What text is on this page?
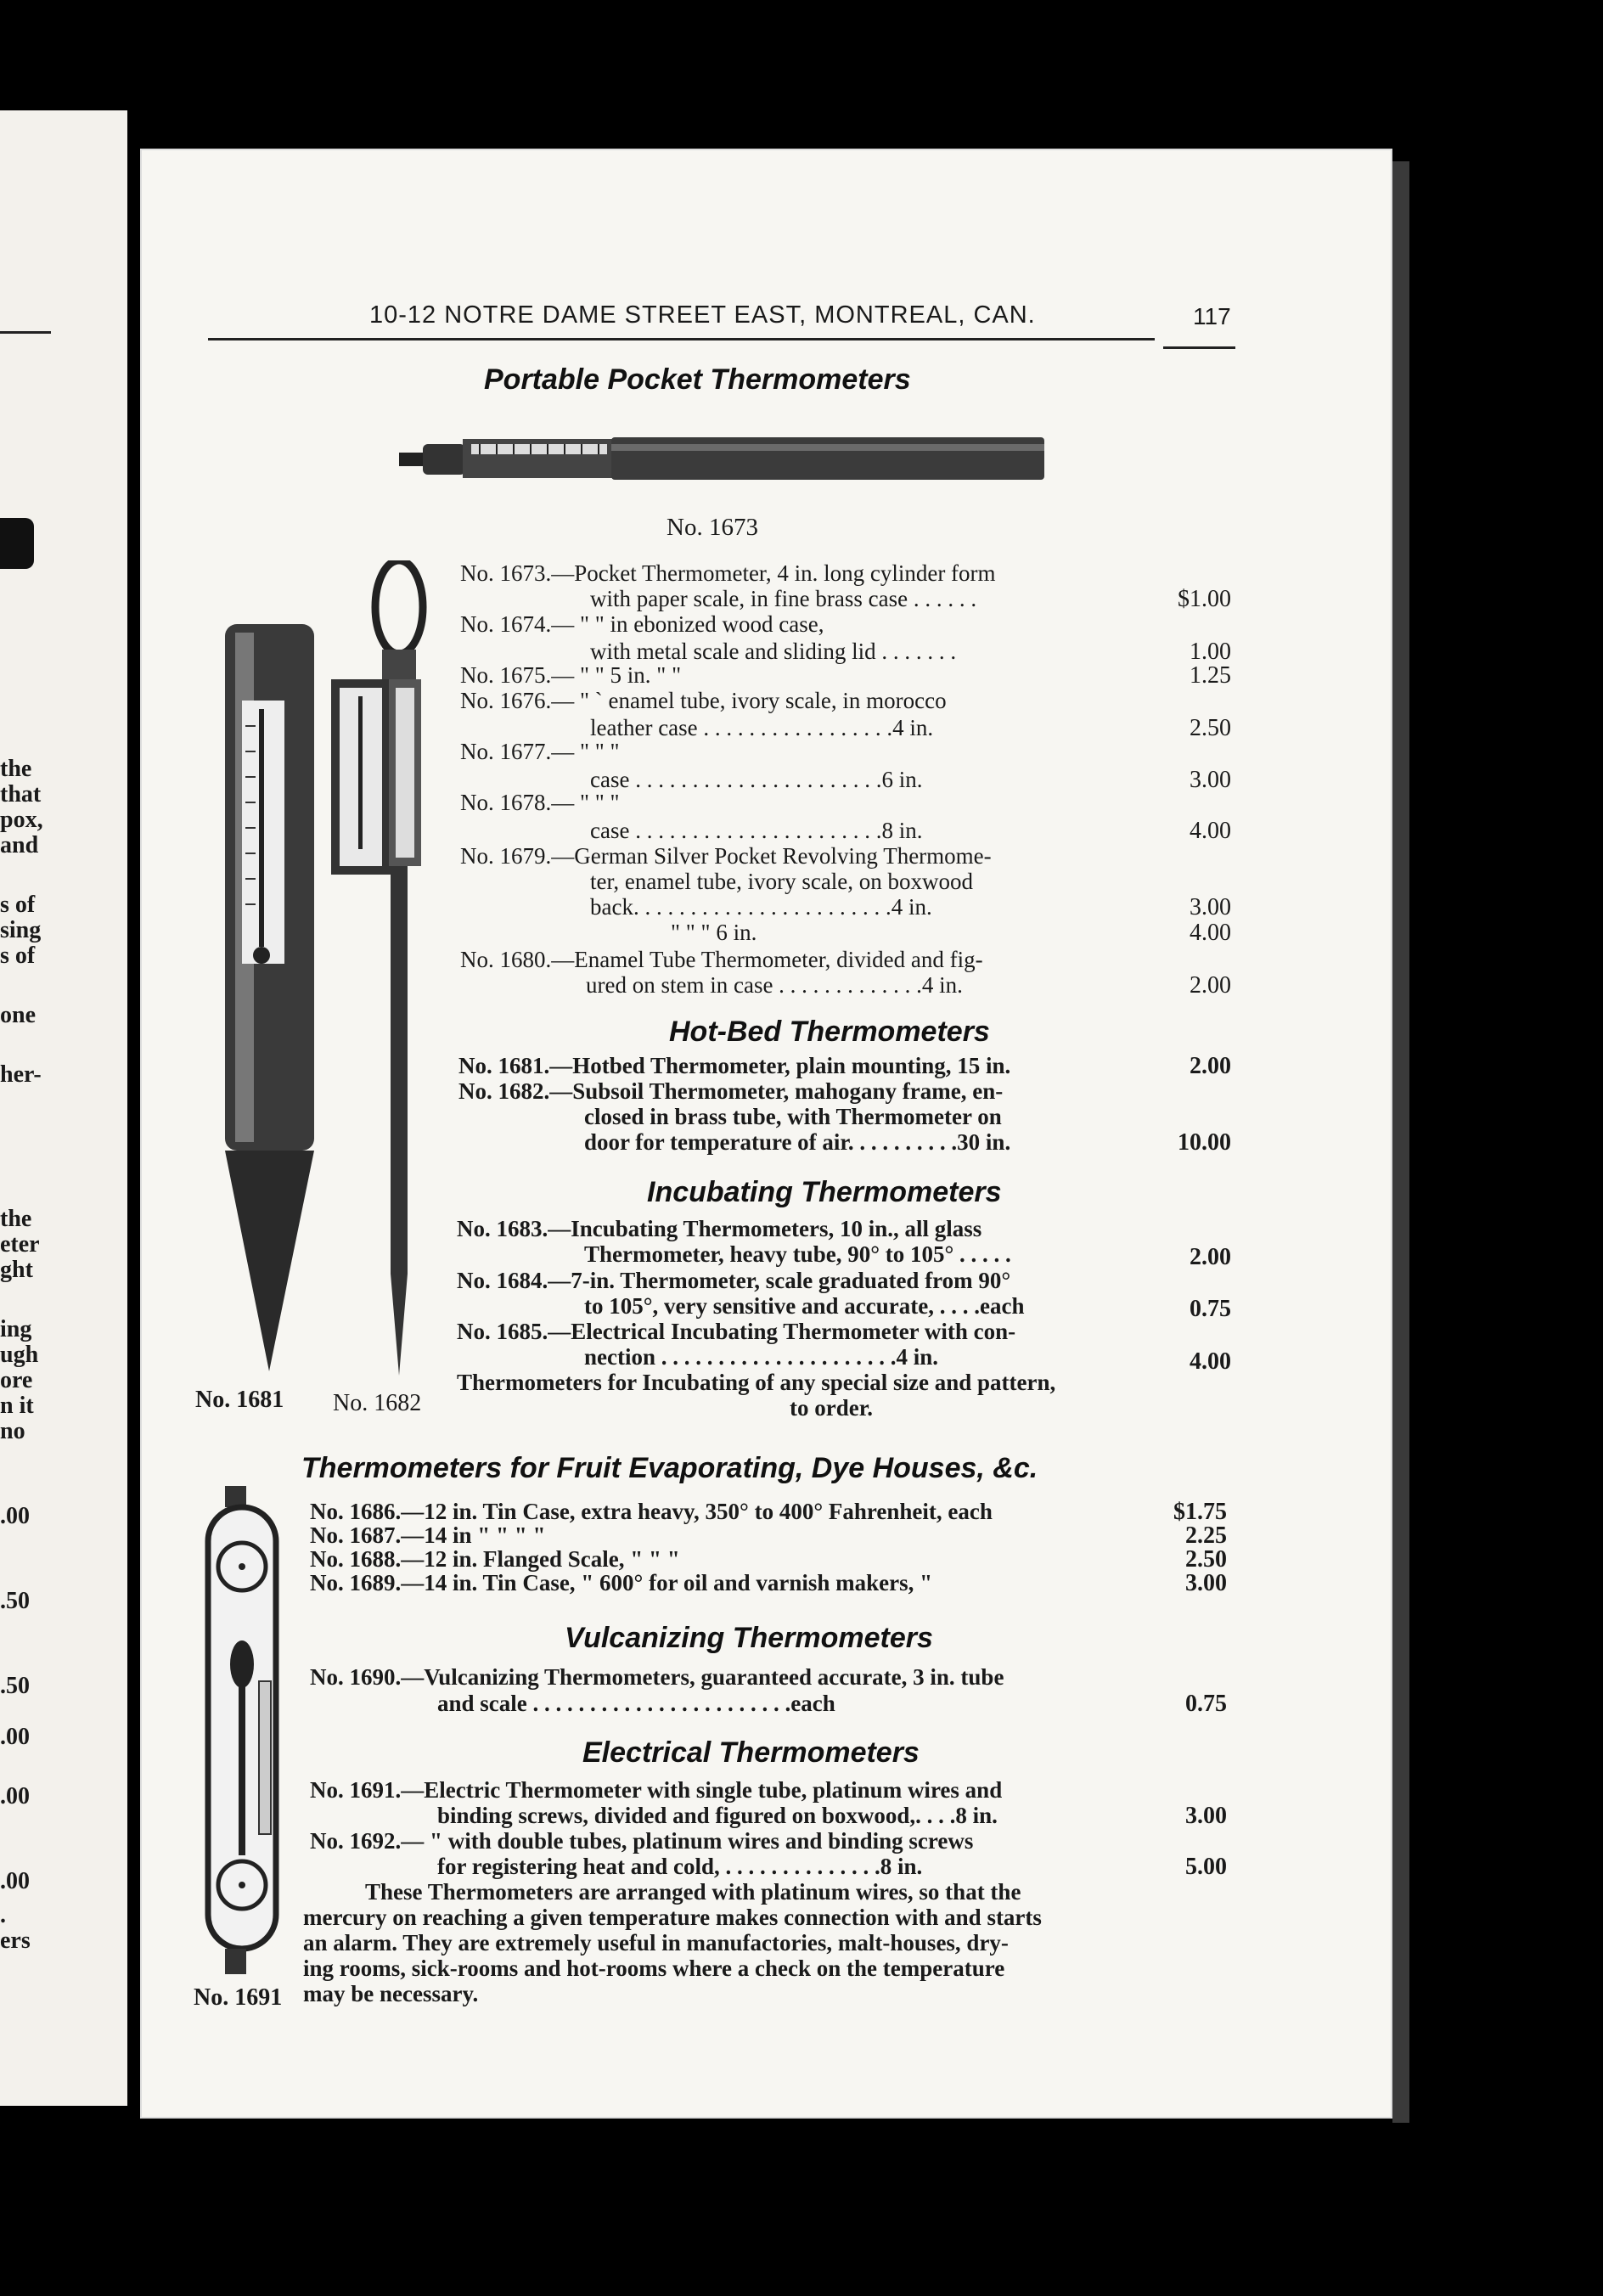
the
that
pox,
and
s of
sing
s of
one
her-
the
eter
ght
ing
ugh
ore
n it
no
.00
.50
.50
.00
.00
.00
.
ers
10-12 NOTRE DAME STREET EAST, MONTREAL, CAN.	117
Portable Pocket Thermometers
No. 1673
No. 1681 No. 1682
No. 1673.—Pocket Thermometer, 4 in. long cylinder form
with paper scale, in fine brass case . . . . . .	$1.00
No. 1674.— " " in ebonized wood case,
with metal scale and sliding lid . . . . . . .	1.00
No. 1675.— " " 5 in. " "	1.25
No. 1676.— " ` enamel tube, ivory scale, in morocco
leather case . . . . . . . . . . . . . . . . .4 in.	2.50
No. 1677.— " " "
case . . . . . . . . . . . . . . . . . . . . . .6 in.	3.00
No. 1678.— " " "
case . . . . . . . . . . . . . . . . . . . . . .8 in.	4.00
No. 1679.—German Silver Pocket Revolving Thermome-
ter, enamel tube, ivory scale, on boxwood
back. . . . . . . . . . . . . . . . . . . . . . .4 in.	3.00
" " " 6 in.	4.00
No. 1680.—Enamel Tube Thermometer, divided and fig-
ured on stem in case . . . . . . . . . . . . .4 in.	2.00
Hot-Bed Thermometers
No. 1681.—Hotbed Thermometer, plain mounting, 15 in.	2.00
No. 1682.—Subsoil Thermometer, mahogany frame, en-
closed in brass tube, with Thermometer on
door for temperature of air. . . . . . . . . .30 in.	10.00
Incubating Thermometers
No. 1683.—Incubating Thermometers, 10 in., all glass
Thermometer, heavy tube, 90° to 105° . . . . .	2.00
No. 1684.—7-in. Thermometer, scale graduated from 90°
to 105°, very sensitive and accurate, . . . .each	0.75
No. 1685.—Electrical Incubating Thermometer with con-
nection . . . . . . . . . . . . . . . . . . . . .4 in.	4.00
Thermometers for Incubating of any special size and pattern,
to order.
Thermometers for Fruit Evaporating, Dye Houses, &c.
No. 1686.—12 in. Tin Case, extra heavy, 350° to 400° Fahrenheit, each	$1.75
No. 1687.—14 in " " " "	2.25
No. 1688.—12 in. Flanged Scale, " " "	2.50
No. 1689.—14 in. Tin Case, " 600° for oil and varnish makers, "	3.00
No. 1691
Vulcanizing Thermometers
No. 1690.—Vulcanizing Thermometers, guaranteed accurate, 3 in. tube
and scale . . . . . . . . . . . . . . . . . . . . . . .each	0.75
Electrical Thermometers
No. 1691.—Electric Thermometer with single tube, platinum wires and
binding screws, divided and figured on boxwood,. . . .8 in.	3.00
No. 1692.— " with double tubes, platinum wires and binding screws
for registering heat and cold, . . . . . . . . . . . . . .8 in.	5.00
These Thermometers are arranged with platinum wires, so that the
mercury on reaching a given temperature makes connection with and starts
an alarm. They are extremely useful in manufactories, malt-houses, dry-
ing rooms, sick-rooms and hot-rooms where a check on the temperature
may be necessary.
